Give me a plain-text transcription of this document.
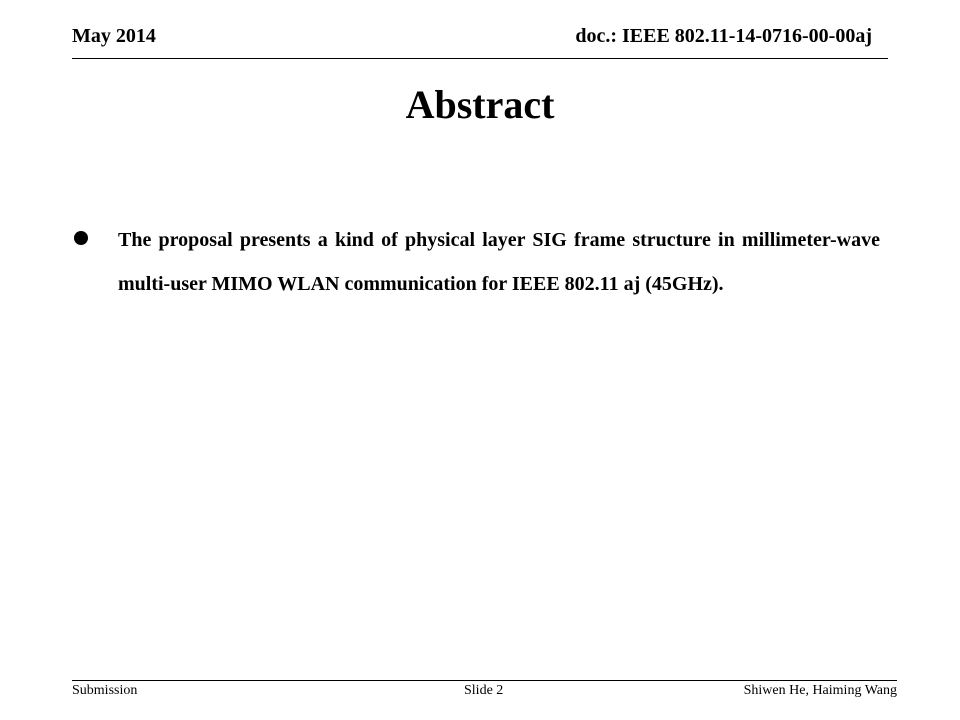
May 2014	doc.: IEEE 802.11-14-0716-00-00aj
Abstract
The proposal presents a kind of physical layer SIG frame structure in millimeter-wave multi-user MIMO WLAN communication for IEEE 802.11 aj (45GHz).
Submission	Slide 2	Shiwen He, Haiming Wang
